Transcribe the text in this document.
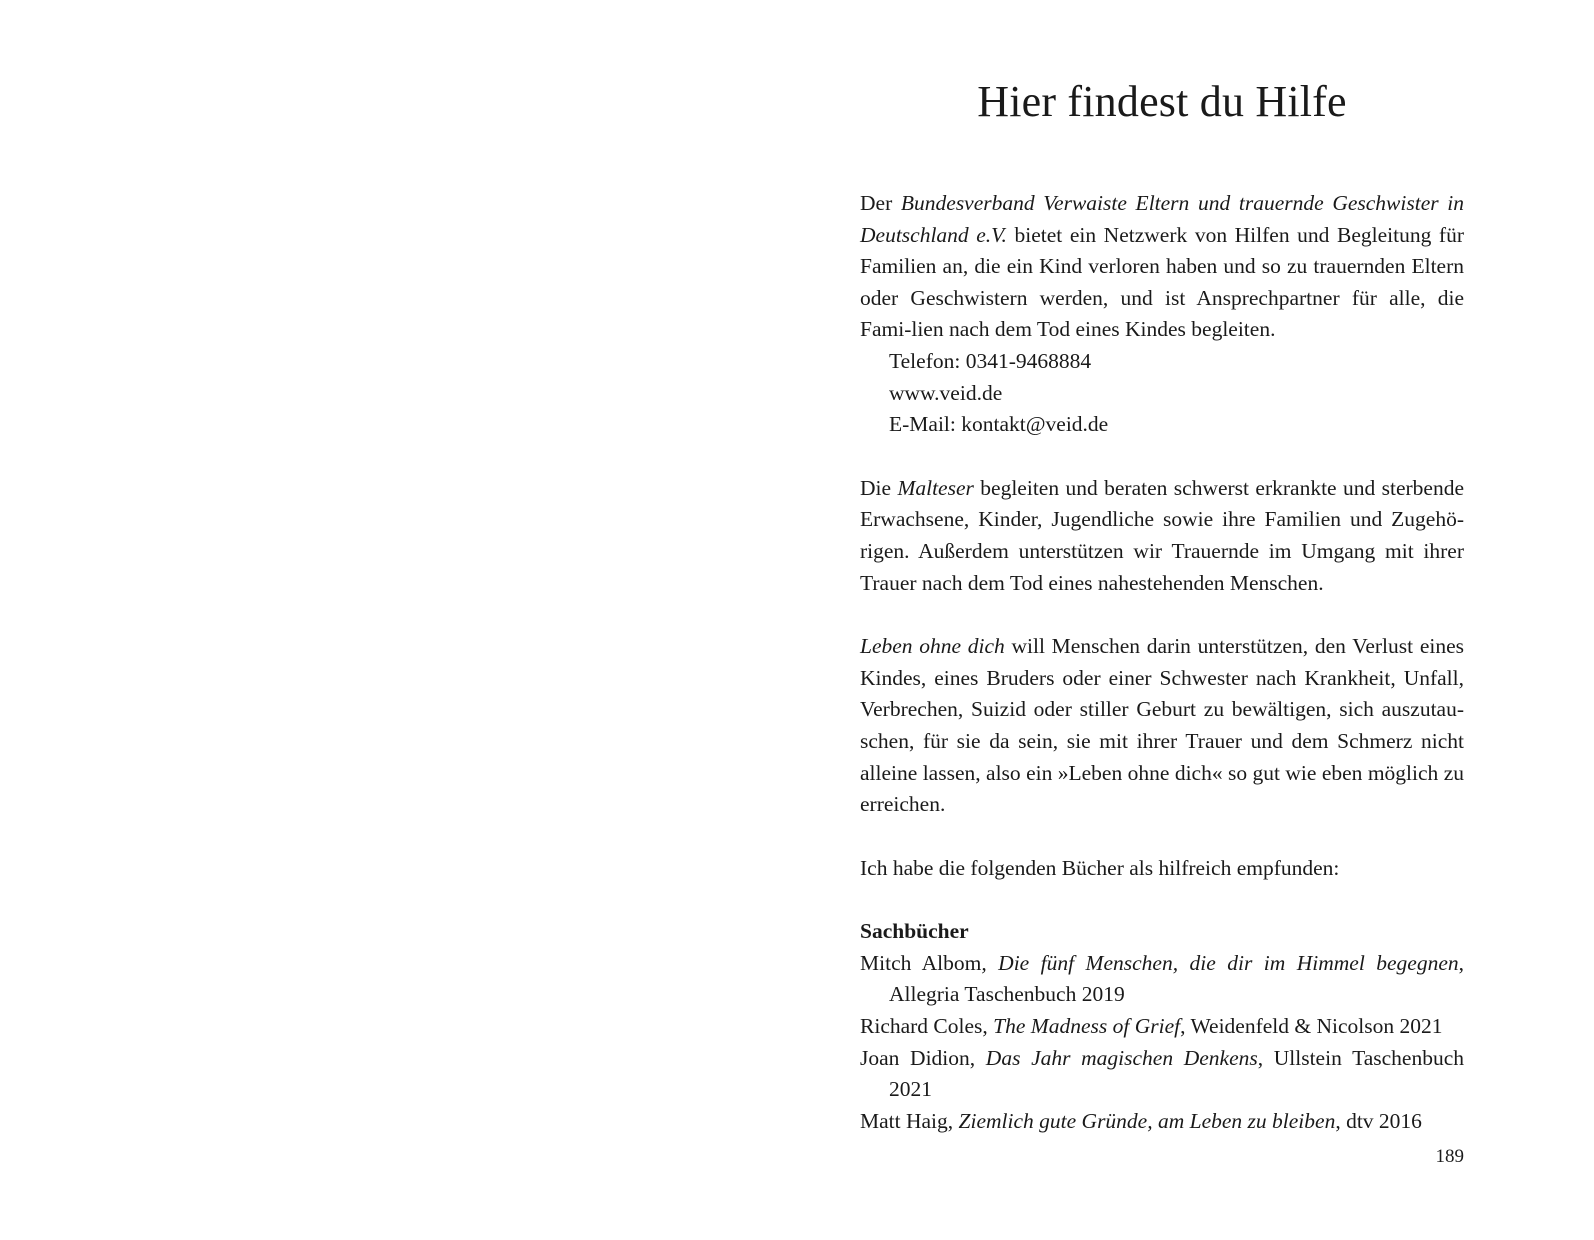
Hier findest du Hilfe

Der Bundesverband Verwaiste Eltern und trauernde Geschwister in Deutschland e.V. bietet ein Netzwerk von Hilfen und Begleitung für Familien an, die ein Kind verloren haben und so zu trauernden Eltern oder Geschwistern werden, und ist Ansprechpartner für alle, die Fami-lien nach dem Tod eines Kindes begleiten.

Telefon: 0341-9468884
www.veid.de
E-Mail: kontakt@veid.de

Die Malteser begleiten und beraten schwerst erkrankte und sterbende Erwachsene, Kinder, Jugendliche sowie ihre Familien und Zugehö-rigen. Außerdem unterstützen wir Trauernde im Umgang mit ihrer Trauer nach dem Tod eines nahestehenden Menschen.

Leben ohne dich will Menschen darin unterstützen, den Verlust eines Kindes, eines Bruders oder einer Schwester nach Krankheit, Unfall, Verbrechen, Suizid oder stiller Geburt zu bewältigen, sich auszutau-schen, für sie da sein, sie mit ihrer Trauer und dem Schmerz nicht alleine lassen, also ein »Leben ohne dich« so gut wie eben möglich zu erreichen.

Ich habe die folgenden Bücher als hilfreich empfunden:

Sachbücher

Mitch Albom, Die fünf Menschen, die dir im Himmel begegnen, Allegria Taschenbuch 2019

Richard Coles, The Madness of Grief, Weidenfeld & Nicolson 2021

Joan Didion, Das Jahr magischen Denkens, Ullstein Taschenbuch 2021

Matt Haig, Ziemlich gute Gründe, am Leben zu bleiben, dtv 2016

189
